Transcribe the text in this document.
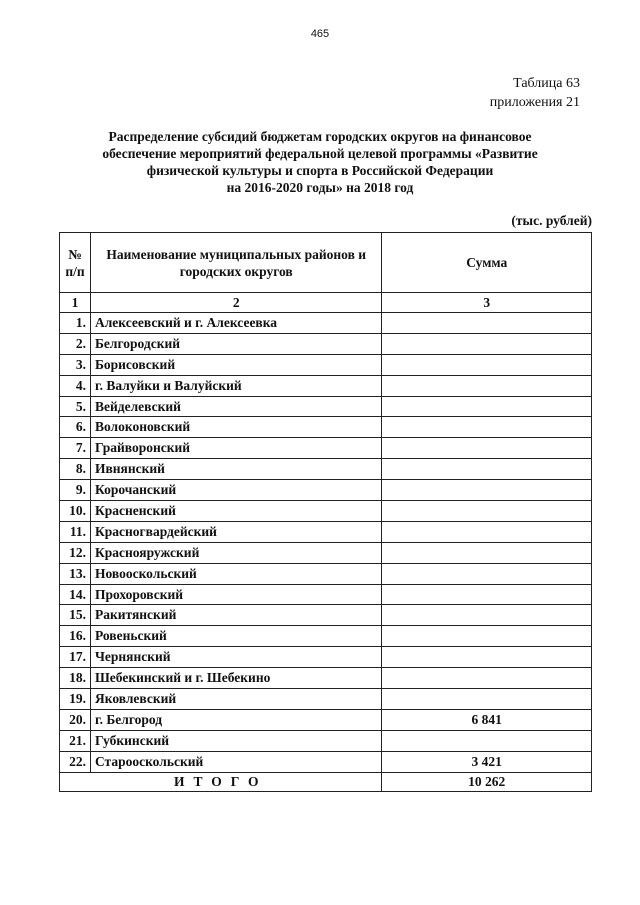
465
Таблица 63
приложения 21
Распределение субсидий бюджетам городских округов на финансовое
обеспечение мероприятий федеральной целевой программы «Развитие
физической культуры и спорта в Российской Федерации
на 2016-2020 годы» на 2018 год
(тыс. рублей)
№ п/п	Наименование муниципальных районов и городских округов	Сумма
1	2	3
1.	Алексеевский и г. Алексеевка	
2.	Белгородский	
3.	Борисовский	
4.	г. Валуйки и Валуйский	
5.	Вейделевский	
6.	Волоконовский	
7.	Грайворонский	
8.	Ивнянский	
9.	Корочанский	
10.	Красненский	
11.	Красногвардейский	
12.	Краснояружский	
13.	Новооскольский	
14.	Прохоровский	
15.	Ракитянский	
16.	Ровеньский	
17.	Чернянский	
18.	Шебекинский и г. Шебекино	
19.	Яковлевский	
20.	г. Белгород	6 841
21.	Губкинский	
22.	Старооскольский	3 421
ИТОГО		10 262
